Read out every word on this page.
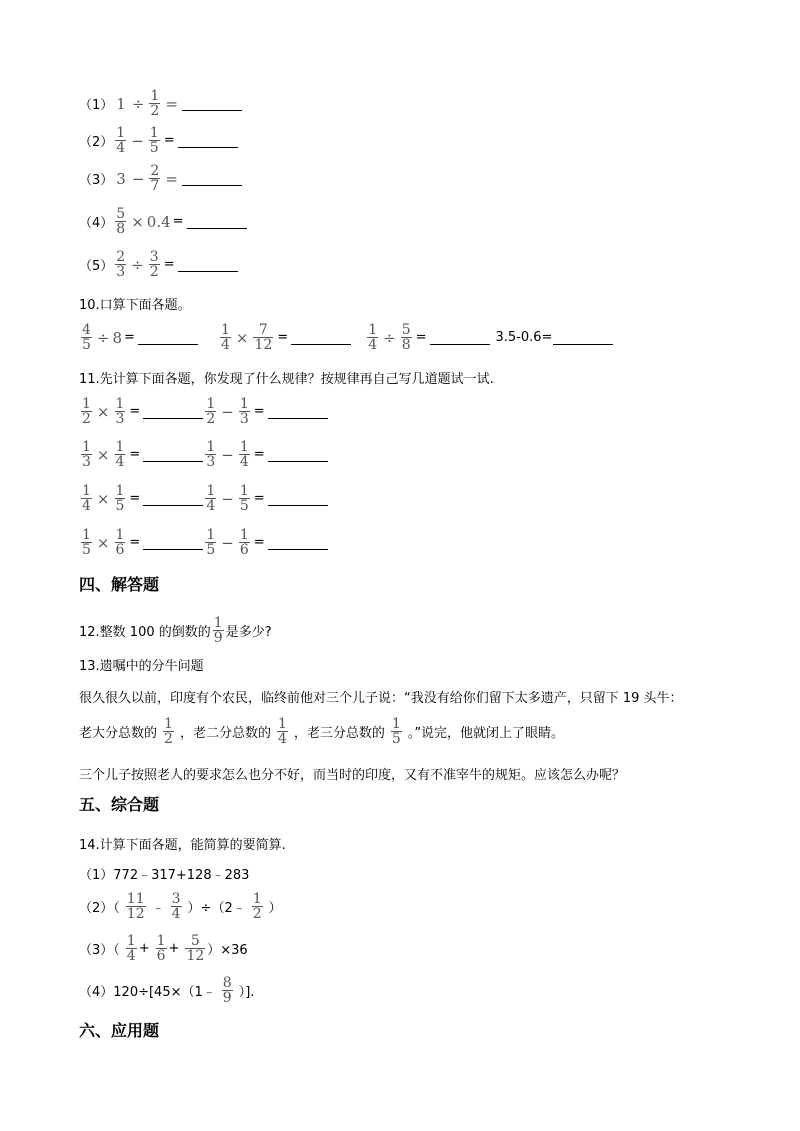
（1） $1 \div \frac{1}{2}$ =
$(2) \frac{1}{4} - \frac{1}{5}$ =
（3） $3 - \frac{2}{7}$ =
$(4) \frac{5}{8} \times 0.4$ =
$(5) \frac{2}{3} \div \frac{3}{2}$ =
10.口算下面各题。
$\frac{4}{5} \div 8$ =	$\frac{1}{4} \times \frac{7}{12}$ =	$\frac{1}{4} \div \frac{5}{8}$ =	3.5-0.6=
11.先计算下面各题，你发现了什么规律？按规律再自己写几道题试一试.
$\frac{1}{2} \times \frac{1}{3}$ =	$\frac{1}{2} - \frac{1}{3}$ =
$\frac{1}{3} \times \frac{1}{4}$ =	$\frac{1}{3} - \frac{1}{4}$ =
$\frac{1}{4} \times \frac{1}{5}$ =	$\frac{1}{4} - \frac{1}{5}$ =
$\frac{1}{5} \times \frac{1}{6}$ =	$\frac{1}{5} - \frac{1}{6}$ =
四、解答题
12.整数 100 的倒数的 $\frac{1}{9}$ 是多少?
13.遗嘱中的分牛问题
很久很久以前，印度有个农民，临终前他对三个儿子说：“我没有给你们留下太多遗产，只留下 19 头牛：
老大分总数的 $\frac{1}{2}$ ，老二分总数的 $\frac{1}{4}$ ，老三分总数的 $\frac{1}{5}$ 。”说完，他就闭上了眼睛。
三个儿子按照老人的要求怎么也分不好，而当时的印度，又有不准宰牛的规矩。应该怎么办呢？
五、综合题
14.计算下面各题，能简算的要简算.
（1）772﹣317+128﹣283
$(2)( \frac{11}{12}$ ﹣ $\frac{3}{4}$ ）÷（2﹣ $\frac{1}{2}$ ）
$(3)( \frac{1}{4} + \frac{1}{6} + \frac{5}{12} )\times 36$
（4）120÷[45×（1﹣ $\frac{8}{9}$ ）].
六、应用题
